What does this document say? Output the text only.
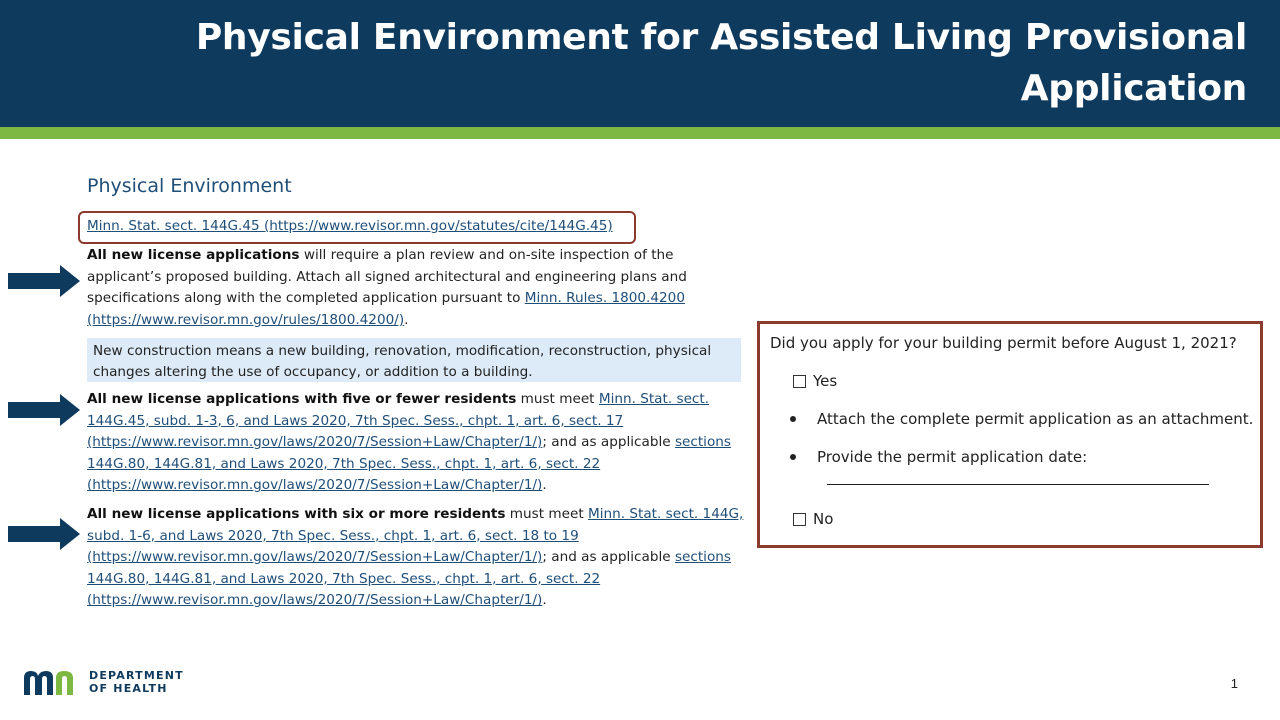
Physical Environment for Assisted Living Provisional Application
Physical Environment
Minn. Stat. sect. 144G.45 (https://www.revisor.mn.gov/statutes/cite/144G.45)
All new license applications will require a plan review and on-site inspection of the applicant’s proposed building. Attach all signed architectural and engineering plans and specifications along with the completed application pursuant to Minn. Rules. 1800.4200 (https://www.revisor.mn.gov/rules/1800.4200/).
New construction means a new building, renovation, modification, reconstruction, physical changes altering the use of occupancy, or addition to a building.
All new license applications with five or fewer residents must meet Minn. Stat. sect. 144G.45, subd. 1-3, 6, and Laws 2020, 7th Spec. Sess., chpt. 1, art. 6, sect. 17 (https://www.revisor.mn.gov/laws/2020/7/Session+Law/Chapter/1/); and as applicable sections 144G.80, 144G.81, and Laws 2020, 7th Spec. Sess., chpt. 1, art. 6, sect. 22 (https://www.revisor.mn.gov/laws/2020/7/Session+Law/Chapter/1/).
All new license applications with six or more residents must meet Minn. Stat. sect. 144G, subd. 1-6, and Laws 2020, 7th Spec. Sess., chpt. 1, art. 6, sect. 18 to 19 (https://www.revisor.mn.gov/laws/2020/7/Session+Law/Chapter/1/); and as applicable sections 144G.80, 144G.81, and Laws 2020, 7th Spec. Sess., chpt. 1, art. 6, sect. 22 (https://www.revisor.mn.gov/laws/2020/7/Session+Law/Chapter/1/).
Did you apply for your building permit before August 1, 2021?
Yes
Attach the complete permit application as an attachment.
Provide the permit application date:
No
DEPARTMENT
OF HEALTH	1
